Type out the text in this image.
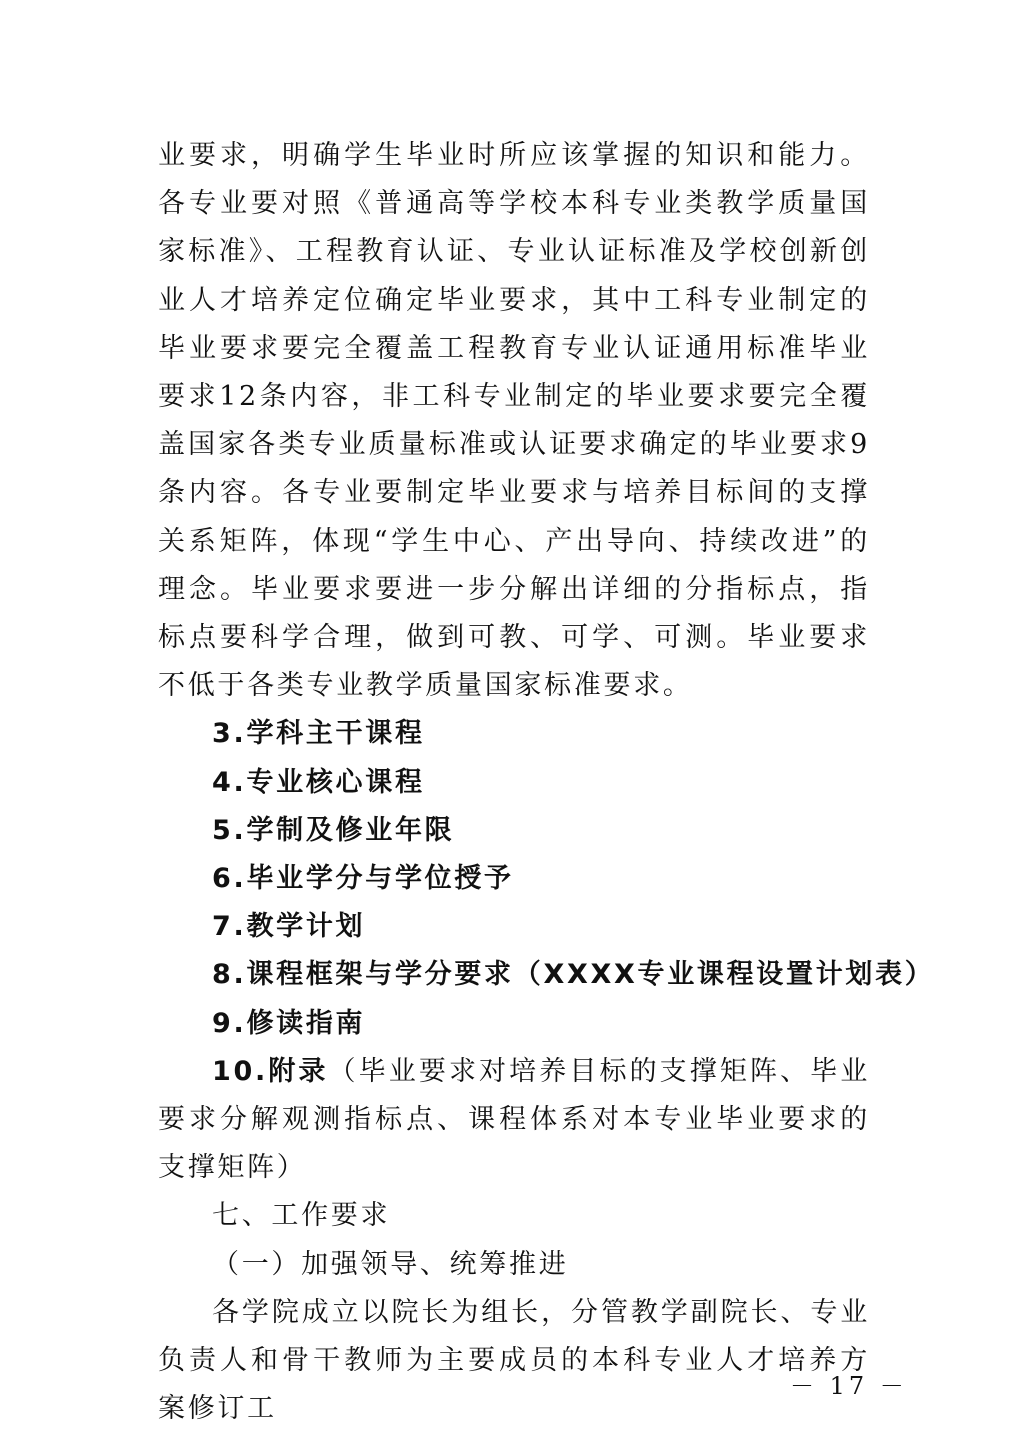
业要求，明确学生毕业时所应该掌握的知识和能力。各专业要对照《普通高等学校本科专业类教学质量国家标准》、工程教育认证、专业认证标准及学校创新创业人才培养定位确定毕业要求，其中工科专业制定的毕业要求要完全覆盖工程教育专业认证通用标准毕业要求12条内容，非工科专业制定的毕业要求要完全覆盖国家各类专业质量标准或认证要求确定的毕业要求9条内容。各专业要制定毕业要求与培养目标间的支撑关系矩阵，体现“学生中心、产出导向、持续改进”的理念。毕业要求要进一步分解出详细的分指标点，指标点要科学合理，做到可教、可学、可测。毕业要求不低于各类专业教学质量国家标准要求。

3.学科主干课程

4.专业核心课程

5.学制及修业年限

6.毕业学分与学位授予

7.教学计划

8.课程框架与学分要求（XXXX专业课程设置计划表）

9.修读指南

10.附录（毕业要求对培养目标的支撑矩阵、毕业要求分解观测指标点、课程体系对本专业毕业要求的支撑矩阵）

七、工作要求

（一）加强领导、统筹推进

各学院成立以院长为组长，分管教学副院长、专业负责人和骨干教师为主要成员的本科专业人才培养方案修订工

－ 17 －
